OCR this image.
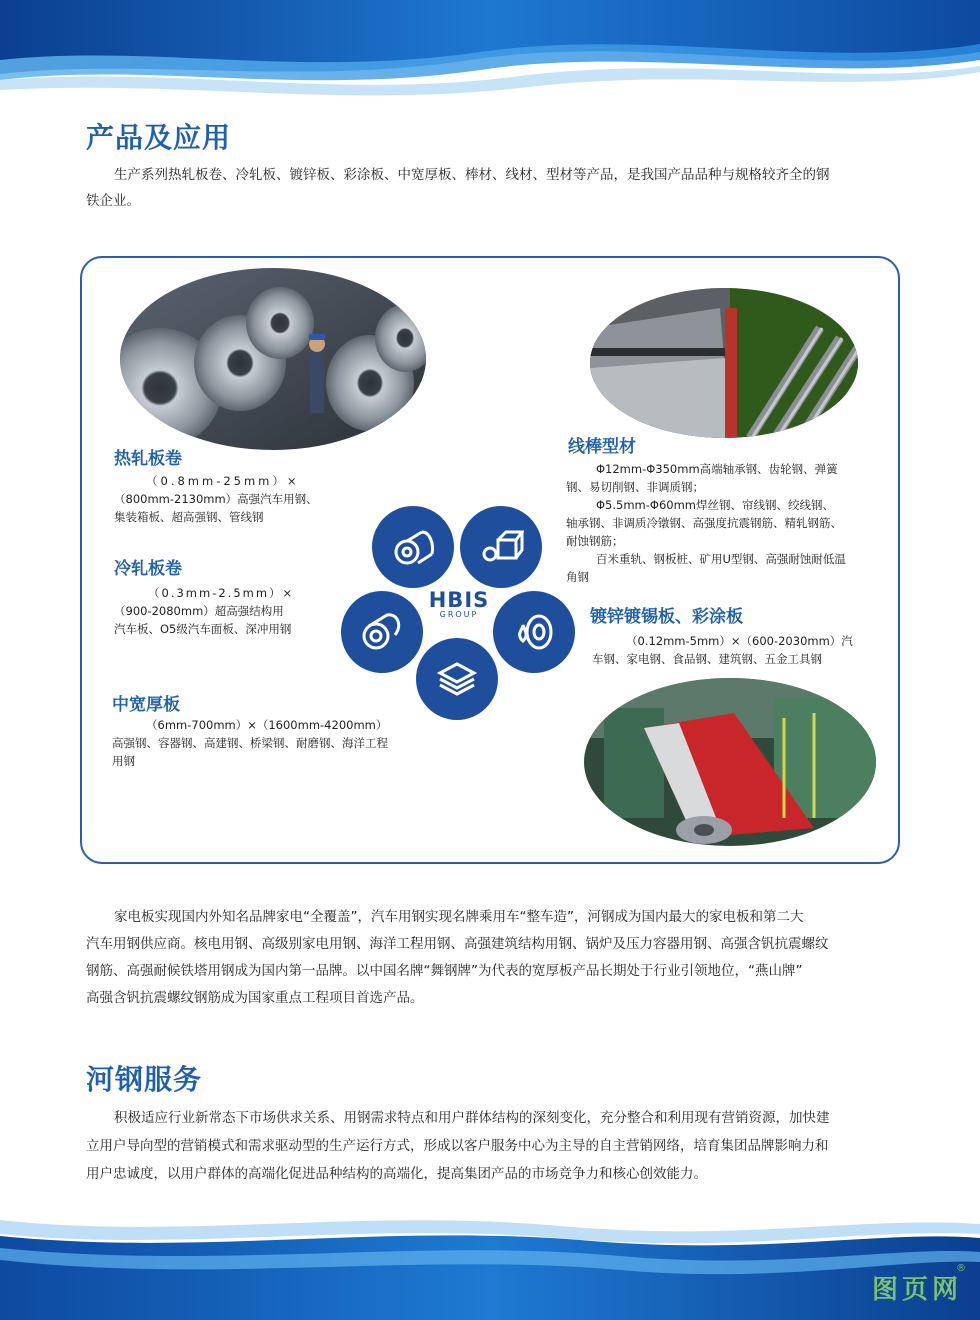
产品及应用
生产系列热轧板卷、冷轧板、镀锌板、彩涂板、中宽厚板、棒材、线材、型材等产品，是我国产品品种与规格较齐全的钢
铁企业。
热轧板卷
（0.8mm-25mm）×
（800mm-2130mm）高强汽车用钢、
集装箱板、超高强钢、管线钢
冷轧板卷
（0.3mm-2.5mm）×
（900-2080mm）超高强结构用
汽车板、O5级汽车面板、深冲用钢
中宽厚板
（6mm-700mm）×（1600mm-4200mm）
高强钢、容器钢、高建钢、桥梁钢、耐磨钢、海洋工程
用钢
线棒型材
Φ12mm-Φ350mm高端轴承钢、齿轮钢、弹簧
钢、易切削钢、非调质钢；
Φ5.5mm-Φ60mm焊丝钢、帘线钢、绞线钢、
轴承钢、非调质冷镦钢、高强度抗震钢筋、精轧钢筋、
耐蚀钢筋；
百米重轨、钢板桩、矿用U型钢、高强耐蚀耐低温
角钢
镀锌镀锡板、彩涂板
（0.12mm-5mm）×（600-2030mm）汽
车钢、家电钢、食品钢、建筑钢、五金工具钢
HBIS
GROUP
家电板实现国内外知名品牌家电“全覆盖”，汽车用钢实现名牌乘用车“整车造”，河钢成为国内最大的家电板和第二大
汽车用钢供应商。核电用钢、高级别家电用钢、海洋工程用钢、高强建筑结构用钢、锅炉及压力容器用钢、高强含钒抗震螺纹
钢筋、高强耐候铁塔用钢成为国内第一品牌。以中国名牌“舞钢牌”为代表的宽厚板产品长期处于行业引领地位，“燕山牌”
高强含钒抗震螺纹钢筋成为国家重点工程项目首选产品。
河钢服务
积极适应行业新常态下市场供求关系、用钢需求特点和用户群体结构的深刻变化，充分整合和利用现有营销资源，加快建
立用户导向型的营销模式和需求驱动型的生产运行方式，形成以客户服务中心为主导的自主营销网络，培育集团品牌影响力和
用户忠诚度，以用户群体的高端化促进品种结构的高端化，提高集团产品的市场竞争力和核心创效能力。
®
图页网
